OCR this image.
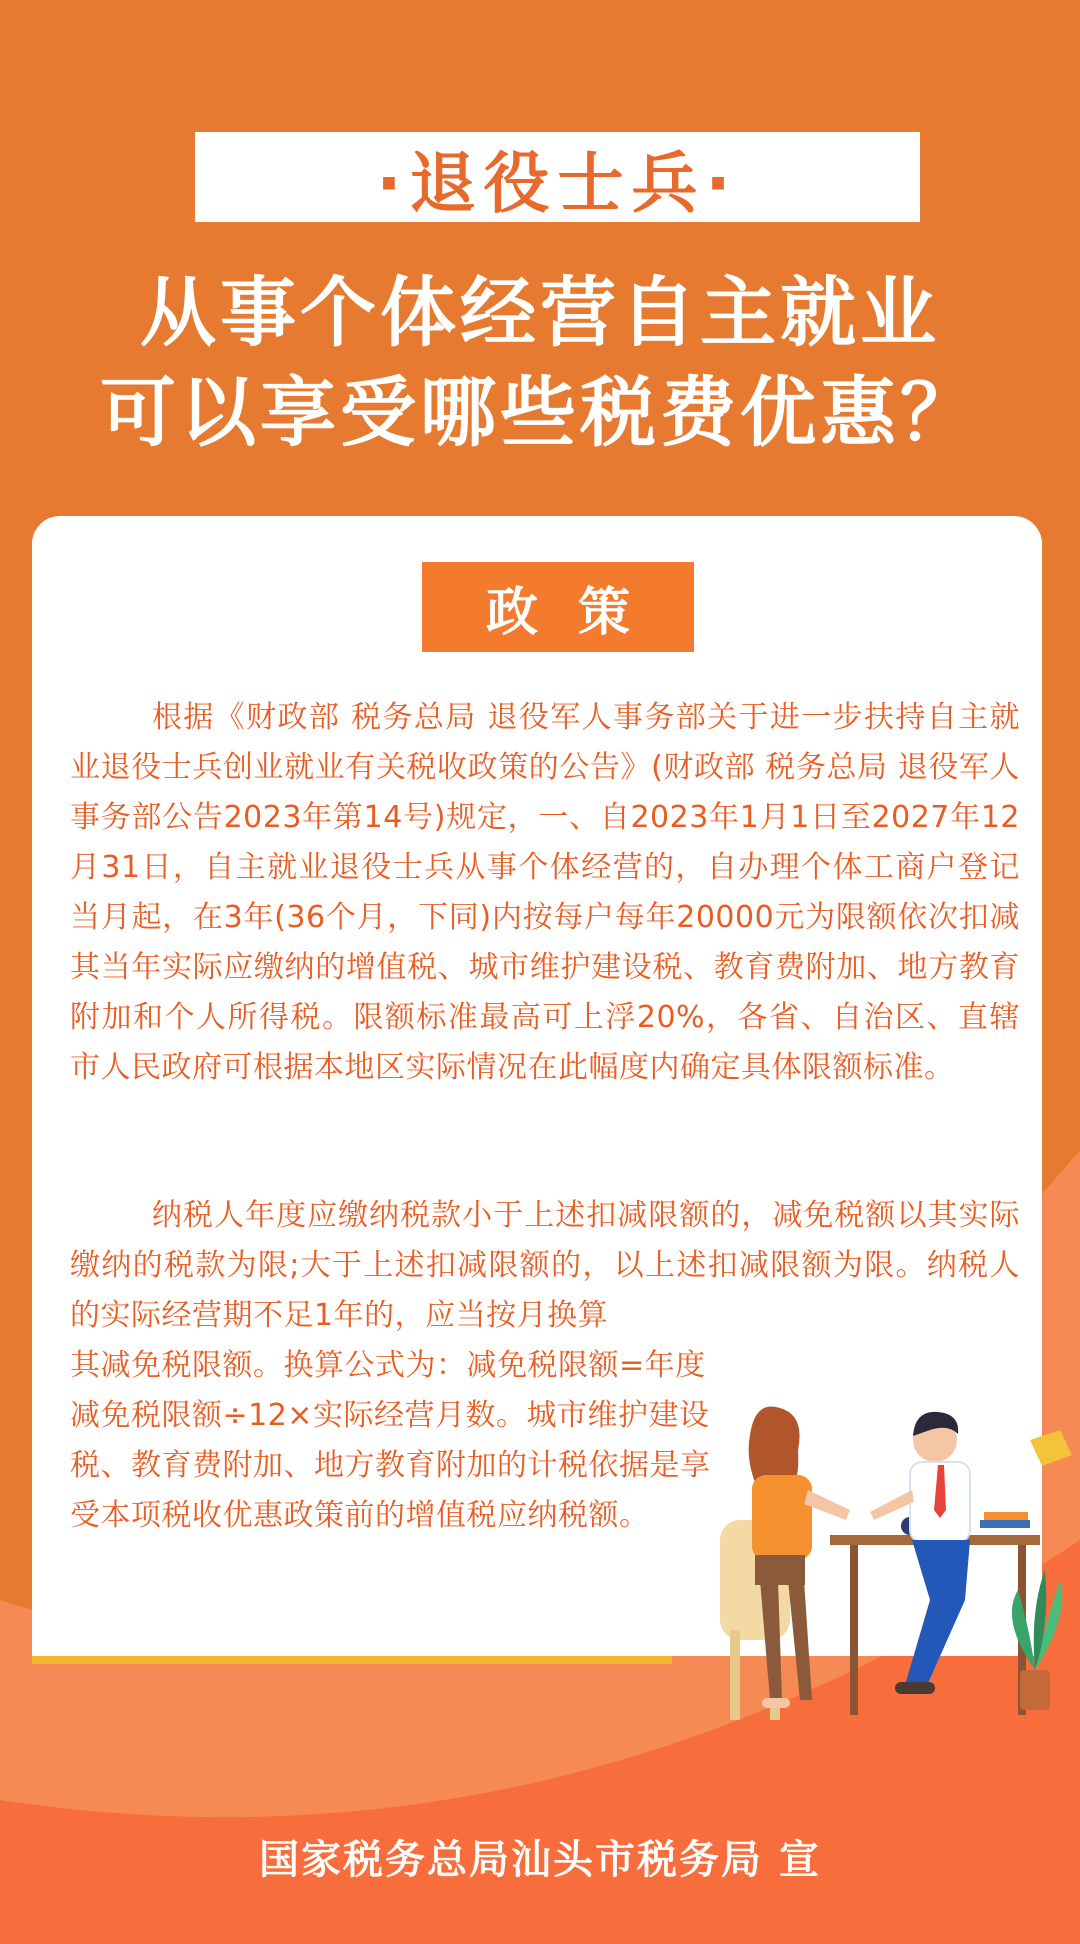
·退役士兵·
从事个体经营自主就业
可以享受哪些税费优惠？
政策

根据《财政部 税务总局 退役军人事务部关于进一步扶持自主就业退役士兵创业就业有关税收政策的公告》(财政部 税务总局 退役军人事务部公告2023年第14号)规定，一、自2023年1月1日至2027年12月31日，自主就业退役士兵从事个体经营的，自办理个体工商户登记当月起，在3年(36个月，下同)内按每户每年20000元为限额依次扣减其当年实际应缴纳的增值税、城市维护建设税、教育费附加、地方教育附加和个人所得税。限额标准最高可上浮20%，各省、自治区、直辖市人民政府可根据本地区实际情况在此幅度内确定具体限额标准。

纳税人年度应缴纳税款小于上述扣减限额的，减免税额以其实际缴纳的税款为限;大于上述扣减限额的，以上述扣减限额为限。纳税人的实际经营期不足1年的，应当按月换算

其减免税限额。换算公式为：减免税限额=年度减免税限额÷12×实际经营月数。城市维护建设税、教育费附加、地方教育附加的计税依据是享受本项税收优惠政策前的增值税应纳税额。

国家税务总局汕头市税务局 宣
